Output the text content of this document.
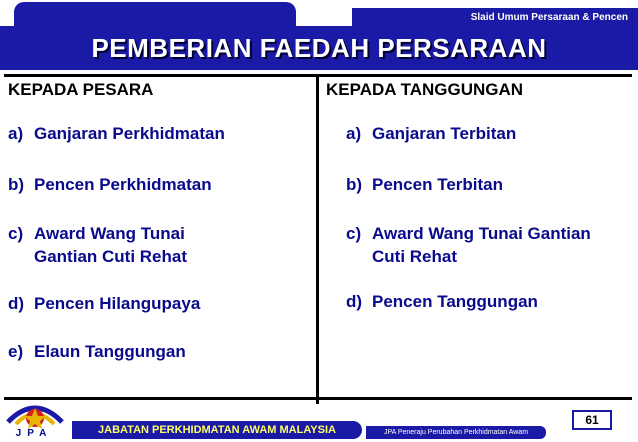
Slaid Umum Persaraan & Pencen
PEMBERIAN FAEDAH PERSARAAN
KEPADA PESARA	KEPADA TANGGUNGAN
a) Ganjaran Perkhidmatan
b) Pencen Perkhidmatan
c) Award Wang Tunai
Gantian Cuti Rehat
d) Pencen Hilangupaya
e) Elaun Tanggungan
a) Ganjaran Terbitan
b) Pencen Terbitan
c) Award Wang Tunai Gantian
Cuti Rehat
d) Pencen Tanggungan
JPA	JABATAN PERKHIDMATAN AWAM MALAYSIA	JPA Peneraju Perubahan Perkhidmatan Awam
61
